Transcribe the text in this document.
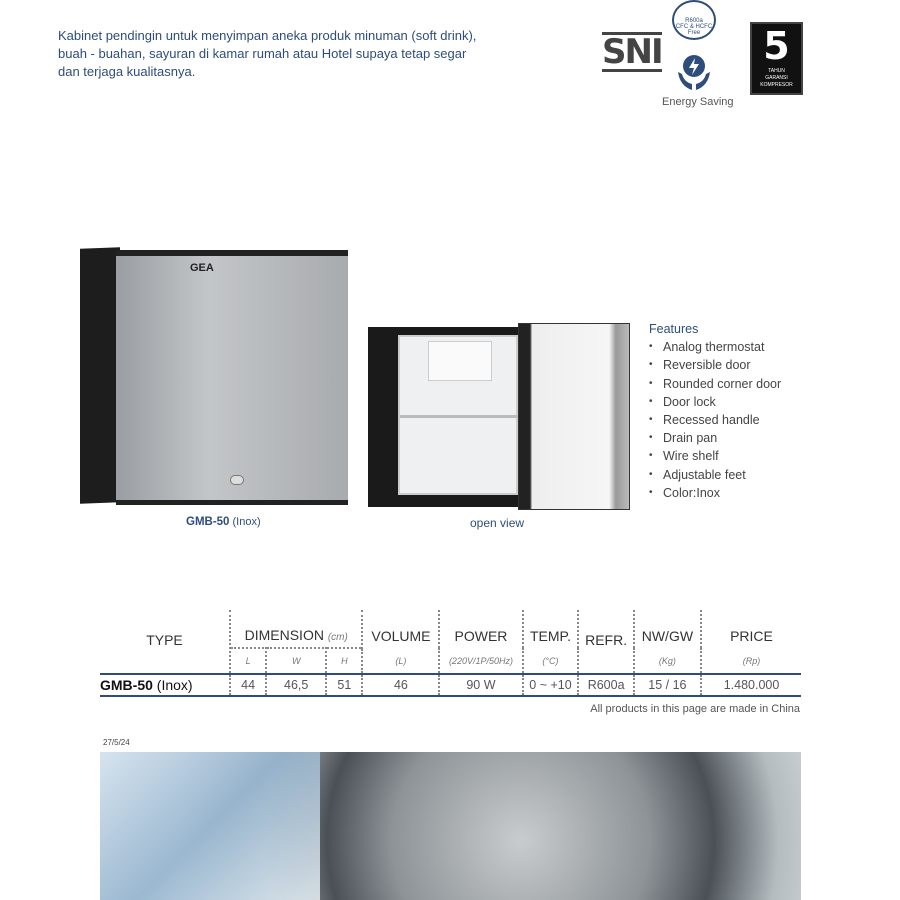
Kabinet pendingin untuk menyimpan aneka produk minuman (soft drink), buah - buahan, sayuran di kamar rumah atau Hotel supaya tetap segar dan terjaga kualitasnya.	SNI
R600a
CFC & HCFC Free
Energy Saving
5
TAHUN
GARANSI
KOMPRESOR
GEA
GMB-50 (Inox)	open view
Features
• Analog thermostat
• Reversible door
• Rounded corner door
• Door lock
• Recessed handle
• Drain pan
• Wire shelf
• Adjustable feet
• Color:Inox
TYPE	DIMENSION (cm)			VOLUME	POWER	TEMP.	REFR.	NW/GW	PRICE
	L	W	H	(L)	(220V/1P/50Hz)	(°C)		(Kg)	(Rp)
GMB-50 (Inox)	44	46,5	51	46	90 W	0 ~ +10	R600a	15 / 16	1.480.000
All products in this page are made in China
27/5/24
